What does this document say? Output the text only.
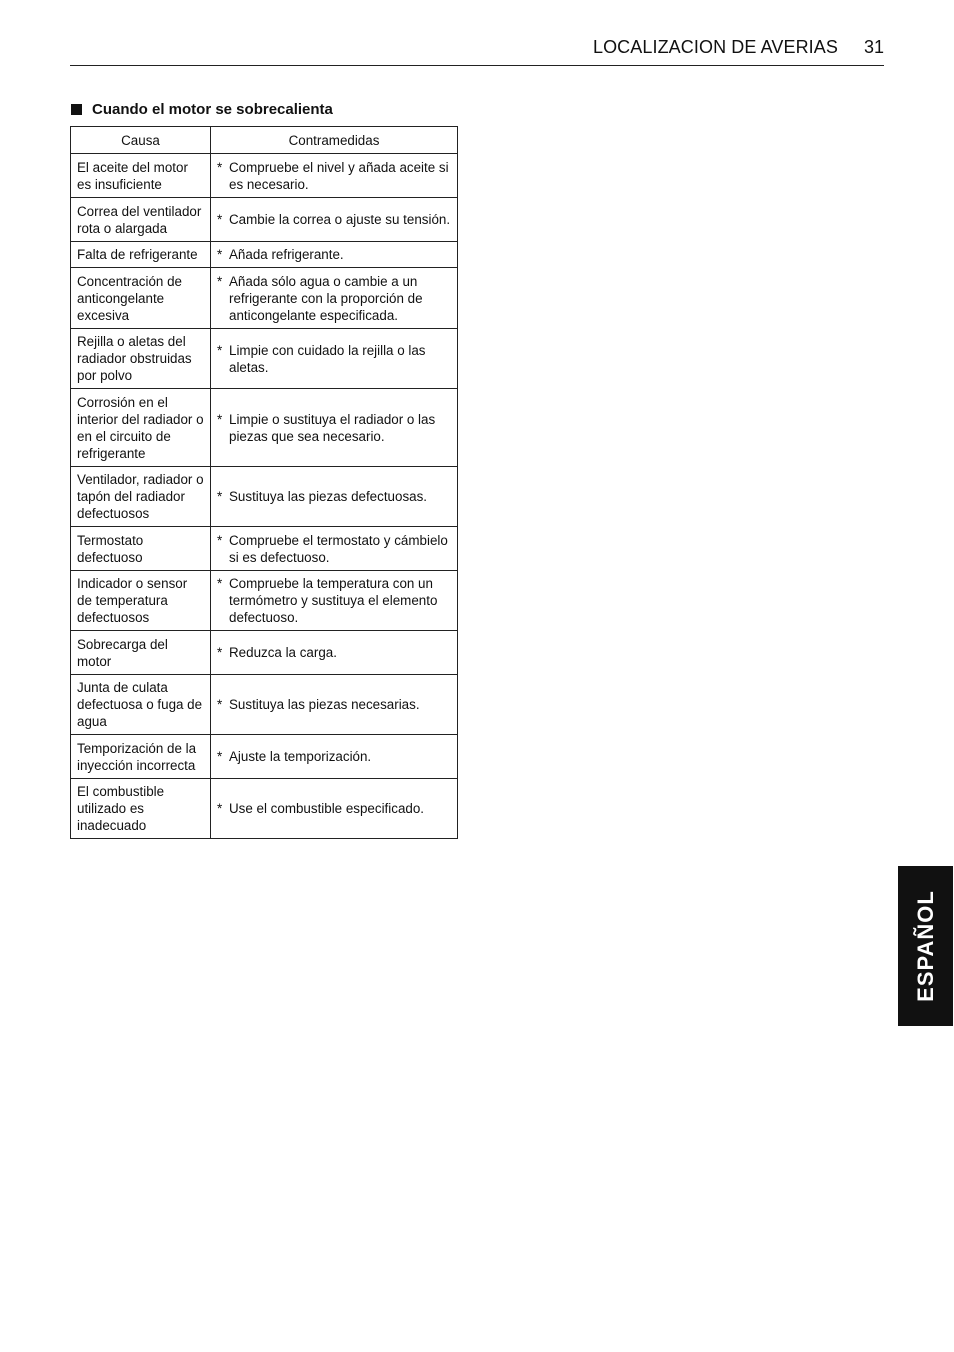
LOCALIZACION DE AVERIAS 31
Cuando el motor se sobrecalienta
Causa	Contramedidas
El aceite del motor es insuficiente	* Compruebe el nivel y añada aceite si es necesario.

Correa del ventilador rota o alargada	* Cambie la correa o ajuste su tensión.

Falta de refrigerante	* Añada refrigerante.

Concentración de anticongelante excesiva	* Añada sólo agua o cambie a un refrigerante con la proporción de anticongelante especificada.

Rejilla o aletas del radiador obstruidas por polvo	* Limpie con cuidado la rejilla o las aletas.

Corrosión en el interior del radiador o en el circuito de refrigerante	* Limpie o sustituya el radiador o las piezas que sea necesario.

Ventilador, radiador o tapón del radiador defectuosos	* Sustituya las piezas defectuosas.

Termostato defectuoso	* Compruebe el termostato y cámbielo si es defectuoso.

Indicador o sensor de temperatura defectuosos	* Compruebe la temperatura con un termómetro y sustituya el elemento defectuoso.

Sobrecarga del motor	* Reduzca la carga.

Junta de culata defectuosa o fuga de agua	* Sustituya las piezas necesarias.

Temporización de la inyección incorrecta	* Ajuste la temporización.

El combustible utilizado es inadecuado	* Use el combustible especificado.
ESPAÑOL
